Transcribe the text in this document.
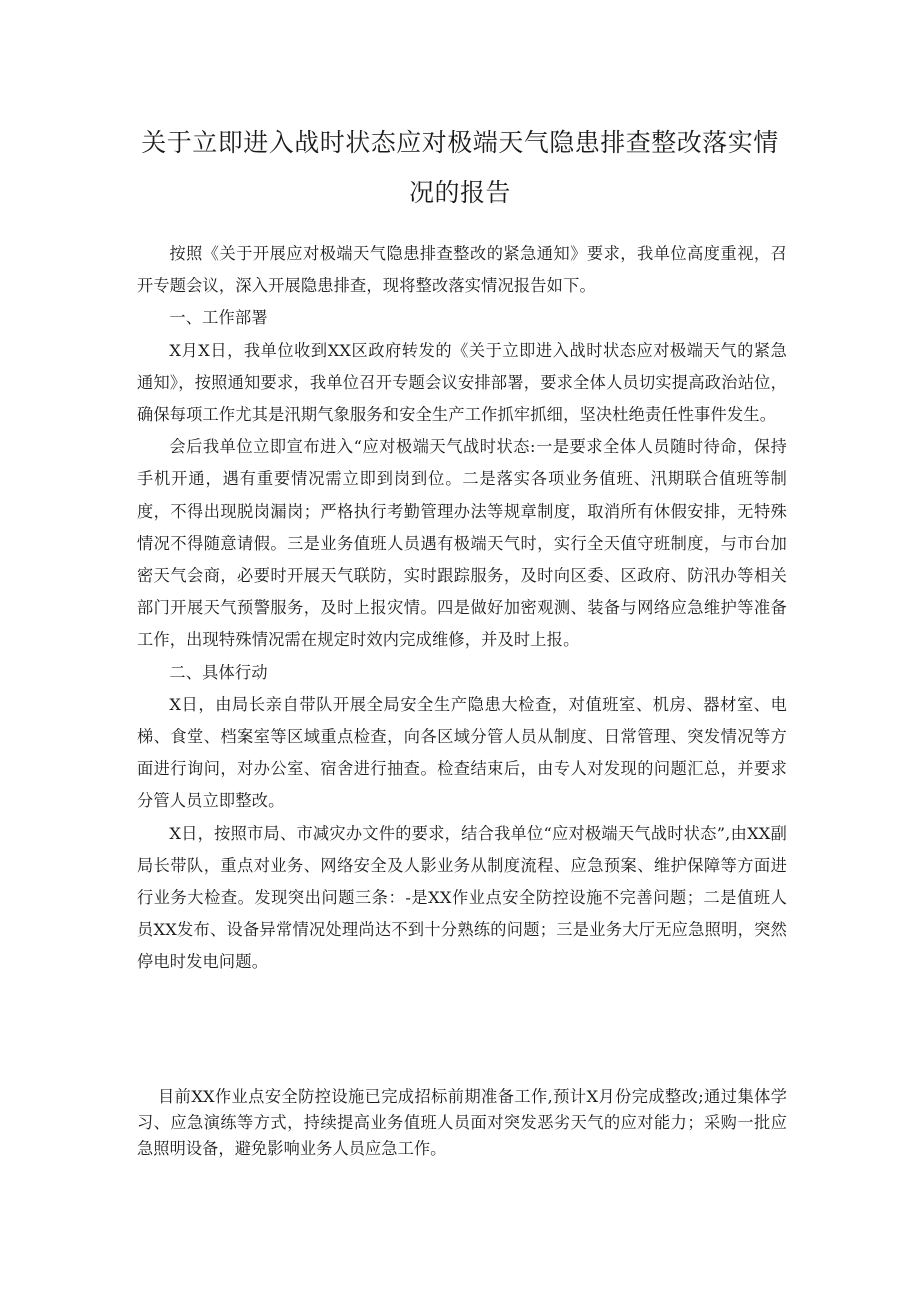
关于立即进入战时状态应对极端天气隐患排查整改落实情
况的报告

按照《关于开展应对极端天气隐患排查整改的紧急通知》要求，我单位高度重视，召开专题会议，深入开展隐患排查，现将整改落实情况报告如下。

一、工作部署

X月X日，我单位收到XX区政府转发的《关于立即进入战时状态应对极端天气的紧急通知》，按照通知要求，我单位召开专题会议安排部署，要求全体人员切实提高政治站位，确保每项工作尤其是汛期气象服务和安全生产工作抓牢抓细，坚决杜绝责任性事件发生。

会后我单位立即宣布进入“应对极端天气战时状态:一是要求全体人员随时待命，保持手机开通，遇有重要情况需立即到岗到位。二是落实各项业务值班、汛期联合值班等制度，不得出现脱岗漏岗；严格执行考勤管理办法等规章制度，取消所有休假安排，无特殊情况不得随意请假。三是业务值班人员遇有极端天气时，实行全天值守班制度，与市台加密天气会商，必要时开展天气联防，实时跟踪服务，及时向区委、区政府、防汛办等相关部门开展天气预警服务，及时上报灾情。四是做好加密观测、装备与网络应急维护等准备工作，出现特殊情况需在规定时效内完成维修，并及时上报。

二、具体行动

X日，由局长亲自带队开展全局安全生产隐患大检查，对值班室、机房、器材室、电梯、食堂、档案室等区域重点检查，向各区域分管人员从制度、日常管理、突发情况等方面进行询问，对办公室、宿舍进行抽查。检查结束后，由专人对发现的问题汇总，并要求分管人员立即整改。

X日，按照市局、市减灾办文件的要求，结合我单位“应对极端天气战时状态”,由XX副局长带队，重点对业务、网络安全及人影业务从制度流程、应急预案、维护保障等方面进行业务大检查。发现突出问题三条：-是XX作业点安全防控设施不完善问题；二是值班人员XX发布、设备异常情况处理尚达不到十分熟练的问题；三是业务大厅无应急照明，突然停电时发电问题。

目前XX作业点安全防控设施已完成招标前期准备工作,预计X月份完成整改;通过集体学习、应急演练等方式，持续提高业务值班人员面对突发恶劣天气的应对能力；采购一批应急照明设备，避免影响业务人员应急工作。
